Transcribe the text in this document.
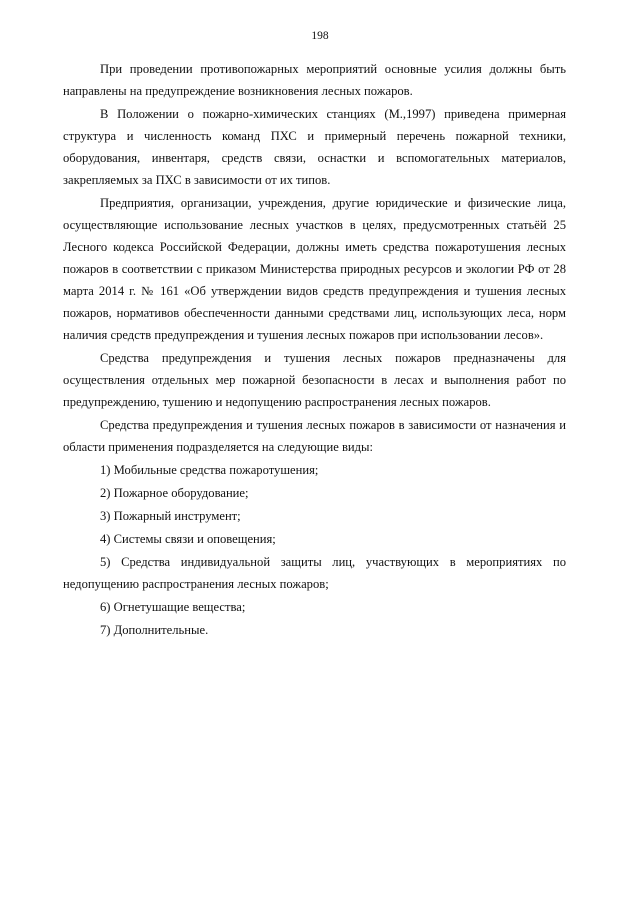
198

При проведении противопожарных мероприятий основные усилия должны быть направлены на предупреждение возникновения лесных пожаров.

В Положении о пожарно-химических станциях (М.,1997) приведена примерная структура и численность команд ПХС и примерный перечень пожарной техники, оборудования, инвентаря, средств связи, оснастки и вспомогательных материалов, закрепляемых за ПХС в зависимости от их типов.

Предприятия, организации, учреждения, другие юридические и физические лица, осуществляющие использование лесных участков в целях, предусмотренных статьёй 25 Лесного кодекса Российской Федерации, должны иметь средства пожаротушения лесных пожаров в соответствии с приказом Министерства природных ресурсов и экологии РФ от 28 марта 2014 г. № 161 «Об утверждении видов средств предупреждения и тушения лесных пожаров, нормативов обеспеченности данными средствами лиц, использующих леса, норм наличия средств предупреждения и тушения лесных пожаров при использовании лесов».

Средства предупреждения и тушения лесных пожаров предназначены для осуществления отдельных мер пожарной безопасности в лесах и выполнения работ по предупреждению, тушению и недопущению распространения лесных пожаров.

Средства предупреждения и тушения лесных пожаров в зависимости от назначения и области применения подразделяется на следующие виды:

1) Мобильные средства пожаротушения;

2) Пожарное оборудование;

3) Пожарный инструмент;

4) Системы связи и оповещения;

5) Средства индивидуальной защиты лиц, участвующих в мероприятиях по недопущению распространения лесных пожаров;

6) Огнетушащие вещества;

7) Дополнительные.
